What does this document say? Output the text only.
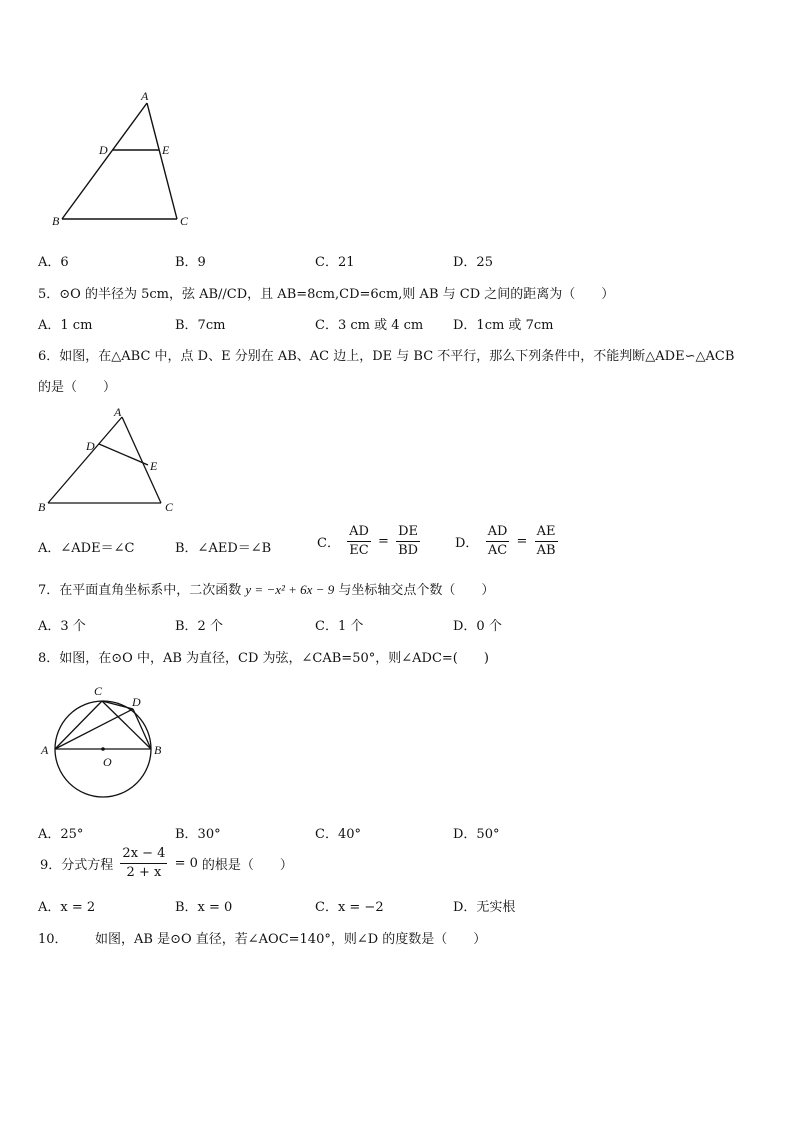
A
D	E
B	C
A．6	B．9	C．21	D．25
5．⊙O 的半径为 5cm，弦 AB//CD，且 AB=8cm,CD=6cm,则 AB 与 CD 之间的距离为（　　）
A．1 cm	B．7cm	C．3 cm 或 4 cm D．1cm 或 7cm
6．如图，在△ABC 中，点 D、E 分别在 AB、AC 边上，DE 与 BC 不平行，那么下列条件中，不能判断△ADE∽△ACB
的是（　　）
A
D
E
B	C
A．∠ADE＝∠C	B．∠AED＝∠B	C． $\frac{AD}{EC} = \frac{DE}{BD}$	D． $\frac{AD}{AC} = \frac{AE}{AB}$
7．在平面直角坐标系中，二次函数 y = −x² + 6x − 9 与坐标轴交点个数（　　）
A．3 个	B．2 个	C．1 个	D．0 个
8．如图，在⊙O 中，AB 为直径，CD 为弦，∠CAB=50°，则∠ADC=(　　)
C
D
A	B
O
A．25°	B．30°	C．40°	D．50°
9．分式方程 $\frac{2x - 4}{2 + x} = 0$ 的根是（　　）
A．x = 2	B．x = 0	C．x = −2	D．无实根
10． 如图，AB 是⊙O 直径，若∠AOC=140°，则∠D 的度数是（　　）
